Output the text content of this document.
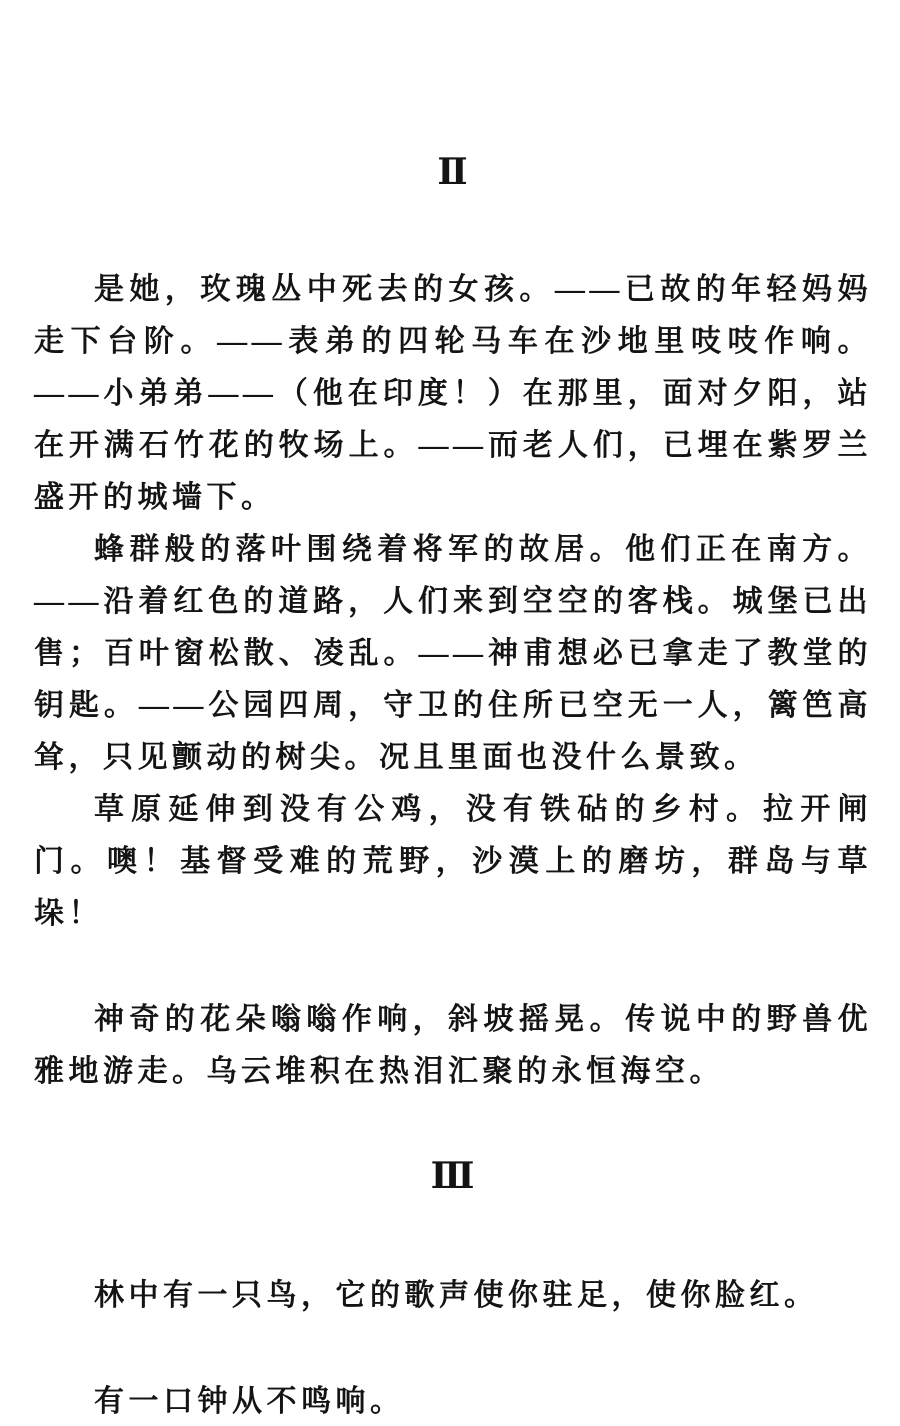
Ⅱ

是她，玫瑰丛中死去的女孩。——已故的年轻妈妈走下台阶。——表弟的四轮马车在沙地里吱吱作响。——小弟弟——（他在印度！）在那里，面对夕阳，站在开满石竹花的牧场上。——而老人们，已埋在紫罗兰盛开的城墙下。

蜂群般的落叶围绕着将军的故居。他们正在南方。——沿着红色的道路，人们来到空空的客栈。城堡已出售；百叶窗松散、凌乱。——神甫想必已拿走了教堂的钥匙。——公园四周，守卫的住所已空无一人，篱笆高耸，只见颤动的树尖。况且里面也没什么景致。

草原延伸到没有公鸡，没有铁砧的乡村。拉开闸门。噢！基督受难的荒野，沙漠上的磨坊，群岛与草垛！

神奇的花朵嗡嗡作响，斜坡摇晃。传说中的野兽优雅地游走。乌云堆积在热泪汇聚的永恒海空。

Ⅲ

林中有一只鸟，它的歌声使你驻足，使你脸红。

有一口钟从不鸣响。
